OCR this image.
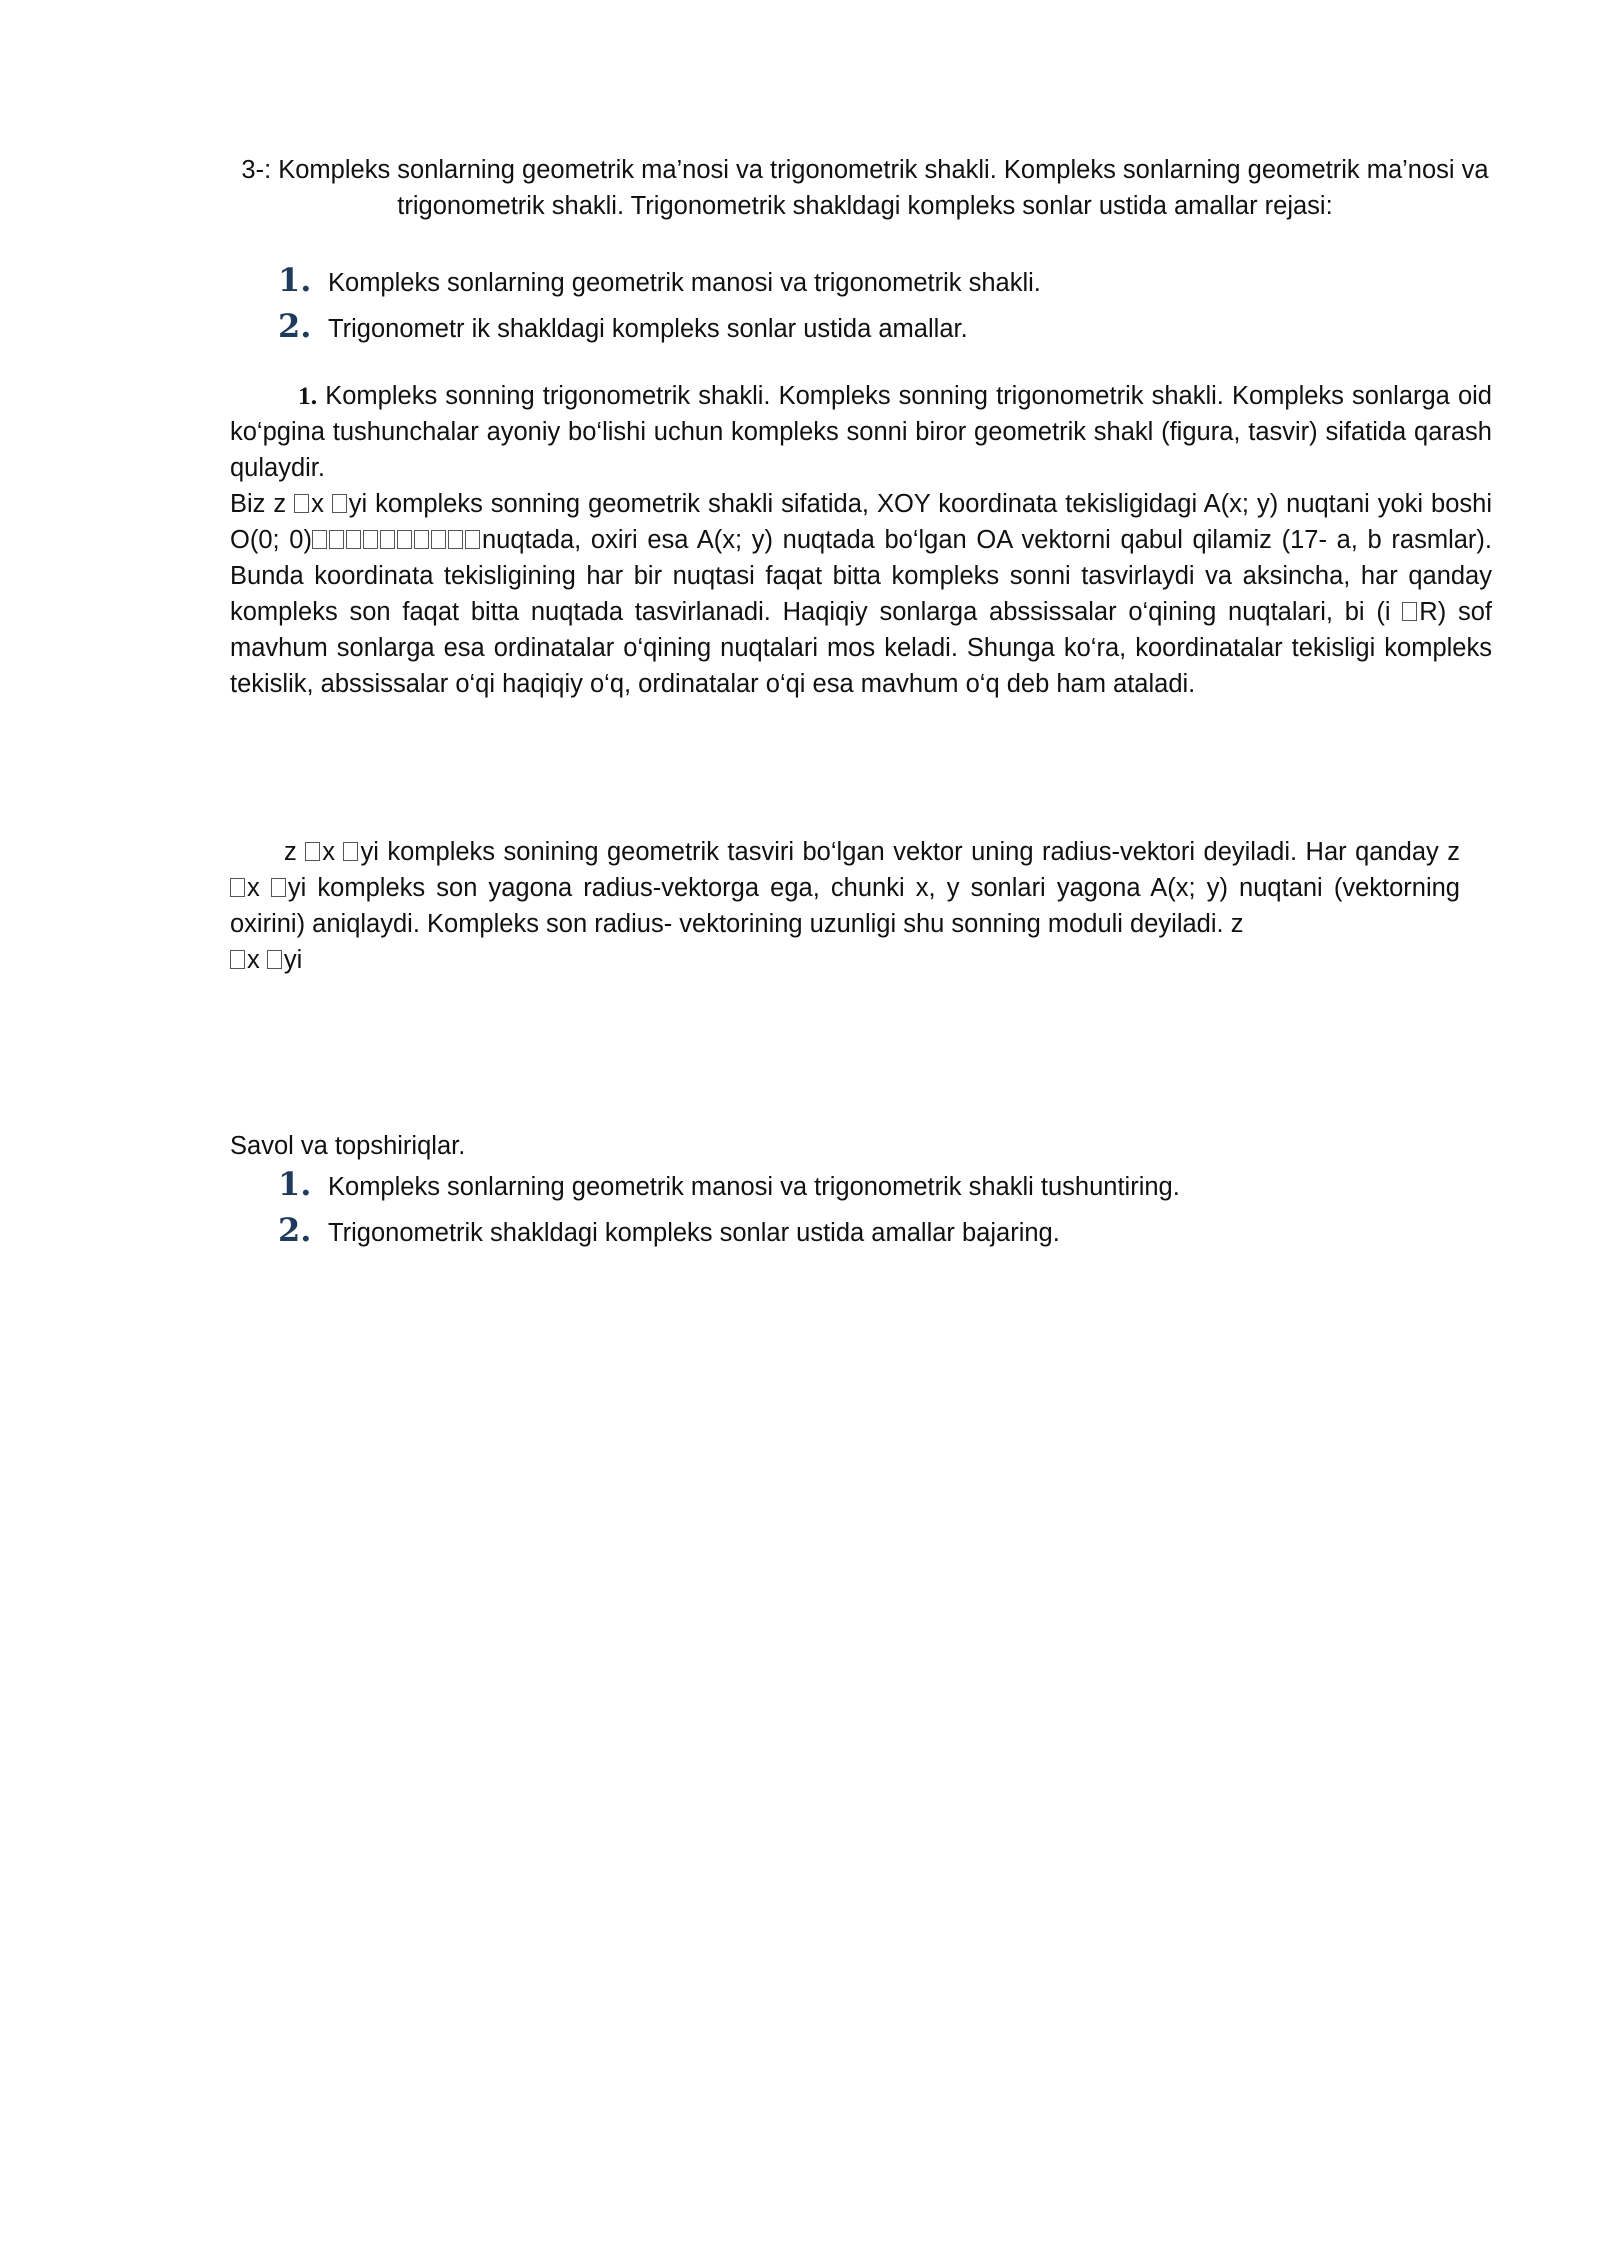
3-: Kompleks sonlarning geometrik ma’nosi va trigonometrik shakli. Kompleks sonlarning geometrik ma’nosi va trigonometrik shakli. Trigonometrik shakldagi kompleks sonlar ustida amallar rejasi:
1. Kompleks sonlarning geometrik manosi va trigonometrik shakli.
2. Trigonometr ik shakldagi kompleks sonlar ustida amallar.

1. Kompleks sonning trigonometrik shakli. Kompleks sonning trigonometrik shakli. Kompleks sonlarga oid ko‘pgina tushunchalar ayoniy bo‘lishi uchun kompleks sonni biror geometrik shakl (figura, tasvir) sifatida qarash qulaydir.

Biz z x yi kompleks sonning geometrik shakli sifatida, XOY koordinata tekisligidagi A(x; y) nuqtani yoki boshi O(0; 0)	nuqtada, oxiri esa A(x; y) nuqtada bo‘lgan OA vektorni qabul qilamiz (17- a, b rasmlar). Bunda koordinata tekisligining har bir nuqtasi faqat bitta kompleks sonni tasvirlaydi va aksincha, har qanday kompleks son faqat bitta nuqtada tasvirlanadi. Haqiqiy sonlarga abssissalar o‘qining nuqtalari, bi (i R) sof mavhum sonlarga esa ordinatalar o‘qining nuqtalari mos keladi. Shunga ko‘ra, koordinatalar tekisligi kompleks tekislik, abssissalar o‘qi haqiqiy o‘q, ordinatalar o‘qi esa mavhum o‘q deb ham ataladi.

z x yi kompleks sonining geometrik tasviri bo‘lgan vektor uning radius-vektori deyiladi. Har qanday z x yi kompleks son yagona radius-vektorga ega, chunki x, y sonlari yagona A(x; y) nuqtani (vektorning oxirini) aniqlaydi. Kompleks son radius- vektorining uzunligi shu sonning moduli deyiladi. z
x yi

Savol va topshiriqlar.

1. Kompleks sonlarning geometrik manosi va trigonometrik shakli tushuntiring.
2. Trigonometrik shakldagi kompleks sonlar ustida amallar bajaring.
